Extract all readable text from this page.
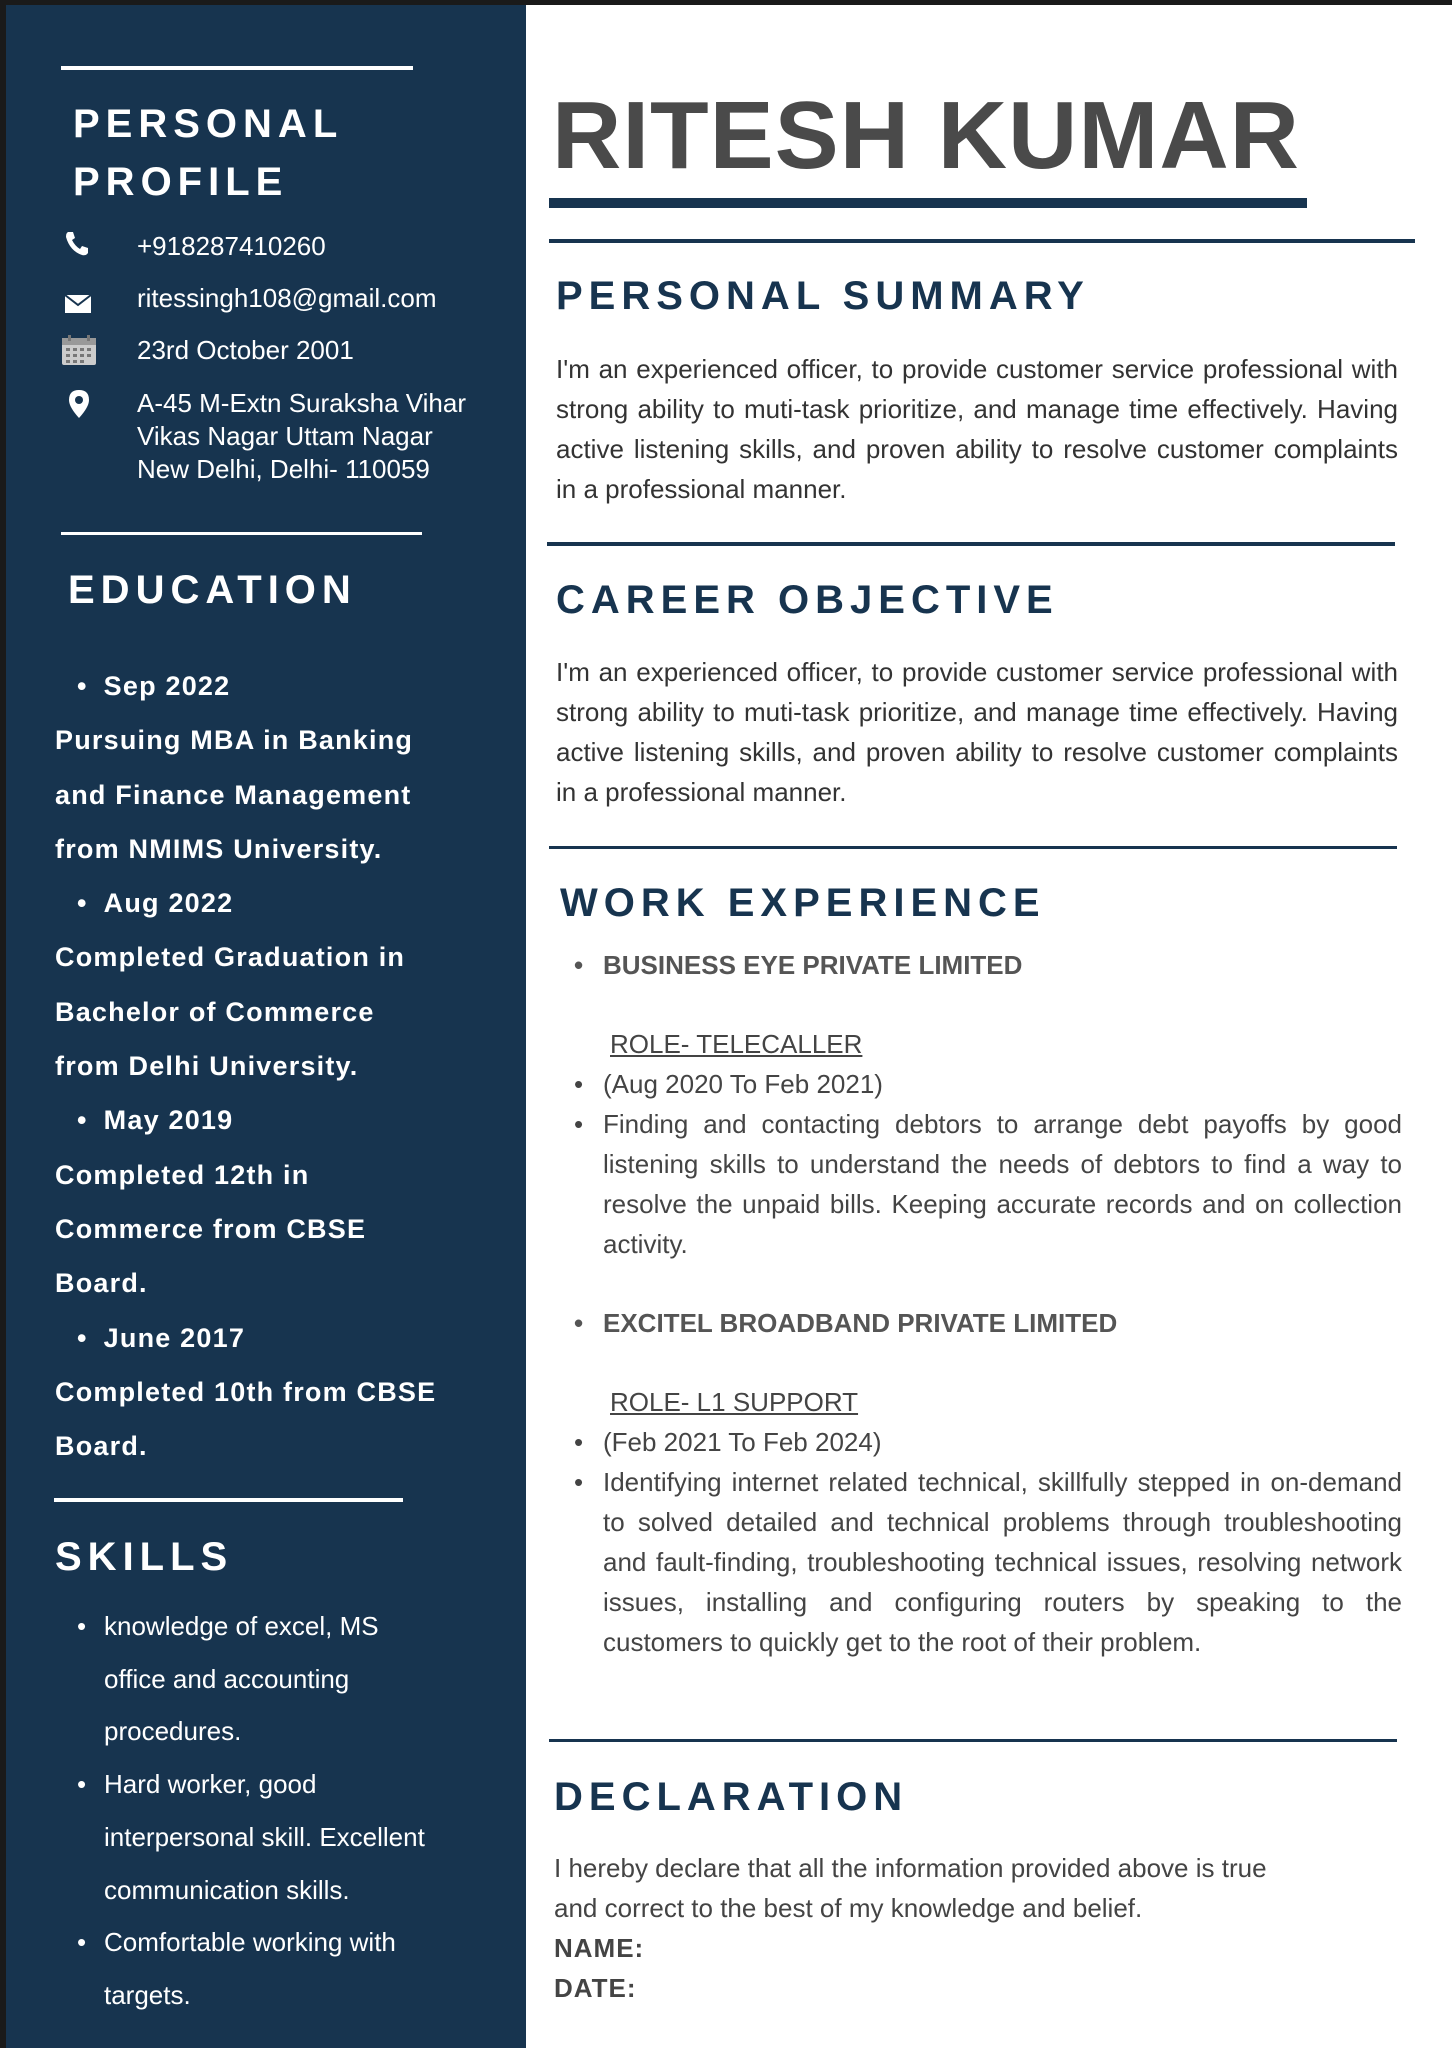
PERSONAL
PROFILE
+918287410260
ritessingh108@gmail.com
23rd October 2001
A-45 M-Extn Suraksha Vihar
Vikas Nagar Uttam Nagar
New Delhi, Delhi- 110059
EDUCATION
• Sep 2022
Pursuing MBA in Banking
and Finance Management
from NMIMS University.
• Aug 2022
Completed Graduation in
Bachelor of Commerce
from Delhi University.
• May 2019
Completed 12th in
Commerce from CBSE
Board.
• June 2017
Completed 10th from CBSE
Board.
SKILLS
• knowledge of excel, MS
office and accounting
procedures.
• Hard worker, good
interpersonal skill. Excellent
communication skills.
• Comfortable working with
targets.
RITESH KUMAR
PERSONAL SUMMARY

I'm an experienced officer, to provide customer service professional with strong ability to muti-task prioritize, and manage time effectively. Having active listening skills, and proven ability to resolve customer complaints in a professional manner.

CAREER OBJECTIVE

I'm an experienced officer, to provide customer service professional with strong ability to muti-task prioritize, and manage time effectively. Having active listening skills, and proven ability to resolve customer complaints in a professional manner.

WORK EXPERIENCE
• BUSINESS EYE PRIVATE LIMITED
ROLE- TELECALLER
• (Aug 2020 To Feb 2021)
• Finding and contacting debtors to arrange debt payoffs by good listening skills to understand the needs of debtors to find a way to resolve the unpaid bills. Keeping accurate records and on collection activity.
• EXCITEL BROADBAND PRIVATE LIMITED
ROLE- L1 SUPPORT
• (Feb 2021 To Feb 2024)
• Identifying internet related technical, skillfully stepped in on-demand to solved detailed and technical problems through troubleshooting and fault-finding, troubleshooting technical issues, resolving network issues, installing and configuring routers by speaking to the customers to quickly get to the root of their problem.
DECLARATION
I hereby declare that all the information provided above is true
and correct to the best of my knowledge and belief.
NAME:
DATE:
